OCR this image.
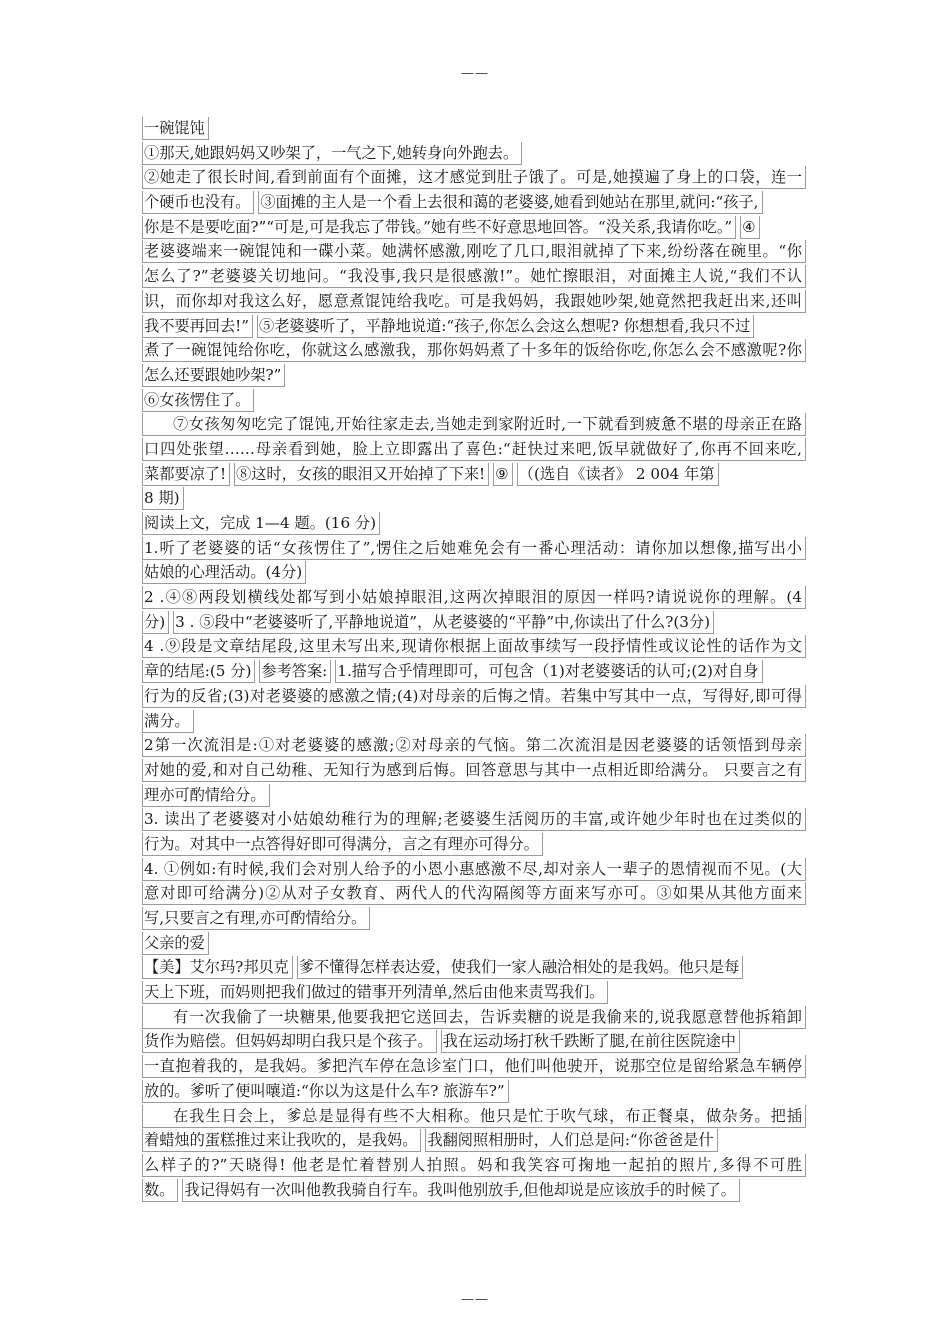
——
一碗馄饨
①那天,她跟妈妈又吵架了，一气之下,她转身向外跑去。
②她走了很长时间,看到前面有个面摊，这才感觉到肚子饿了。可是,她摸遍了身上的口袋，连一
个硬币也没有。 ③面摊的主人是一个看上去很和蔼的老婆婆,她看到她站在那里,就问:“孩子,
你是不是要吃面?”“可是,可是我忘了带钱。”她有些不好意思地回答。“没关系,我请你吃。”④
老婆婆端来一碗馄饨和一碟小菜。她满怀感激,刚吃了几口,眼泪就掉了下来,纷纷落在碗里。“你
怎么了?”老婆婆关切地问。“我没事,我只是很感激!”。她忙擦眼泪，对面摊主人说,“我们不认
识，而你却对我这么好，愿意煮馄饨给我吃。可是我妈妈，我跟她吵架,她竟然把我赶出来,还叫
我不要再回去!” ⑤老婆婆听了，平静地说道:“孩子,你怎么会这么想呢? 你想想看,我只不过
煮了一碗馄饨给你吃，你就这么感激我，那你妈妈煮了十多年的饭给你吃,你怎么会不感激呢?你
怎么还要跟她吵架?”
⑥女孩愣住了。
⑦女孩匆匆吃完了馄饨,开始往家走去,当她走到家附近时,一下就看到疲惫不堪的母亲正在路
口四处张望……母亲看到她，脸上立即露出了喜色:“赶快过来吧,饭早就做好了,你再不回来吃,
菜都要凉了!⑧这时，女孩的眼泪又开始掉了下来!⑨ （(选自《读者》 2 004 年第
8 期)
阅读上文，完成 1—4 题。(16 分)
1.听了老婆婆的话“女孩愣住了”,愣住之后她难免会有一番心理活动：请你加以想像,描写出小
姑娘的心理活动。(4分)
2 .④⑧两段划横线处都写到小姑娘掉眼泪,这两次掉眼泪的原因一样吗?请说说你的理解。(4
分)3 . ⑤段中“老婆婆听了,平静地说道”，从老婆婆的“平静”中,你读出了什么?(3分)
4 .⑨段是文章结尾段,这里未写出来,现请你根据上面故事续写一段抒情性或议论性的话作为文
章的结尾:(5 分) 参考答案: 1.描写合乎情理即可，可包含（1)对老婆婆话的认可;(2)对自身
行为的反省;(3)对老婆婆的感激之情;(4)对母亲的后悔之情。若集中写其中一点，写得好,即可得
满分。
2第一次流泪是:①对老婆婆的感激;②对母亲的气恼。第二次流泪是因老婆婆的话领悟到母亲
对她的爱,和对自己幼稚、无知行为感到后悔。回答意思与其中一点相近即给满分。 只要言之有
理亦可酌情给分。
3. 读出了老婆婆对小姑娘幼稚行为的理解;老婆婆生活阅历的丰富,或许她少年时也在过类似的
行为。对其中一点答得好即可得满分，言之有理亦可得分。
4. ①例如:有时候,我们会对别人给予的小恩小惠感激不尽,却对亲人一辈子的恩情视而不见。(大
意对即可给满分)②从对子女教育、两代人的代沟隔阂等方面来写亦可。③如果从其他方面来
写,只要言之有理,亦可酌情给分。
父亲的爱
【美】艾尔玛?邦贝克爹不懂得怎样表达爱，使我们一家人融洽相处的是我妈。他只是每
天上下班，而妈则把我们做过的错事开列清单,然后由他来责骂我们。
有一次我偷了一块糖果,他要我把它送回去，告诉卖糖的说是我偷来的,说我愿意替他拆箱卸
货作为赔偿。但妈妈却明白我只是个孩子。我在运动场打秋千跌断了腿,在前往医院途中
一直抱着我的，是我妈。爹把汽车停在急诊室门口，他们叫他驶开，说那空位是留给紧急车辆停
放的。爹听了便叫嚷道:“你以为这是什么车? 旅游车?”
在我生日会上，爹总是显得有些不大相称。他只是忙于吹气球，布正餐桌，做杂务。把插
着蜡烛的蛋糕推过来让我吹的，是我妈。我翻阅照相册时，人们总是问:“你爸爸是什
么样子的?”天晓得! 他老是忙着替别人拍照。妈和我笑容可掬地一起拍的照片,多得不可胜
数。我记得妈有一次叫他教我骑自行车。我叫他别放手,但他却说是应该放手的时候了。
——
